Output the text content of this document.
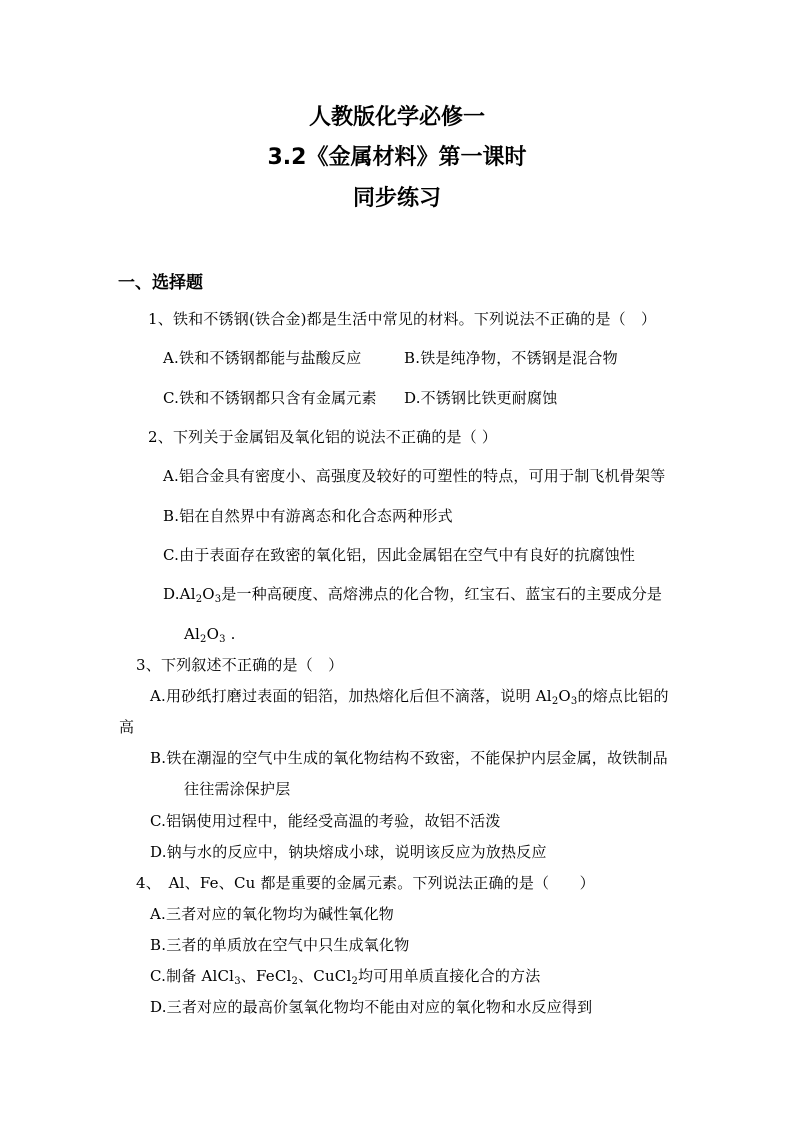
人教版化学必修一
3.2《金属材料》第一课时
同步练习
一、选择题
1、铁和不锈钢(铁合金)都是生活中常见的材料。下列说法不正确的是（　）
A.铁和不锈钢都能与盐酸反应	B.铁是纯净物，不锈钢是混合物
C.铁和不锈钢都只含有金属元素 D.不锈钢比铁更耐腐蚀
2、下列关于金属铝及氧化铝的说法不正确的是（ ）
A.铝合金具有密度小、高强度及较好的可塑性的特点，可用于制飞机骨架等
B.铝在自然界中有游离态和化合态两种形式
C.由于表面存在致密的氧化铝，因此金属铝在空气中有良好的抗腐蚀性
$D.Al_2O_3$是一种高硬度、高熔沸点的化合物，红宝石、蓝宝石的主要成分是
$Al_2O_3$ .
3、下列叙述不正确的是（　）
A.用砂纸打磨过表面的铝箔，加热熔化后但不滴落，说明 $Al_2O_3$的熔点比铝的
高
B.铁在潮湿的空气中生成的氧化物结构不致密，不能保护内层金属，故铁制品
往往需涂保护层
C.铝锅使用过程中，能经受高温的考验，故铝不活泼
D.钠与水的反应中，钠块熔成小球，说明该反应为放热反应
4、　Al、Fe、Cu 都是重要的金属元素。下列说法正确的是（　　）
A.三者对应的氧化物均为碱性氧化物
B.三者的单质放在空气中只生成氧化物
C.制备 AlCl$_3$、FeCl$_2$、CuCl$_2$均可用单质直接化合的方法
D.三者对应的最高价氢氧化物均不能由对应的氧化物和水反应得到
